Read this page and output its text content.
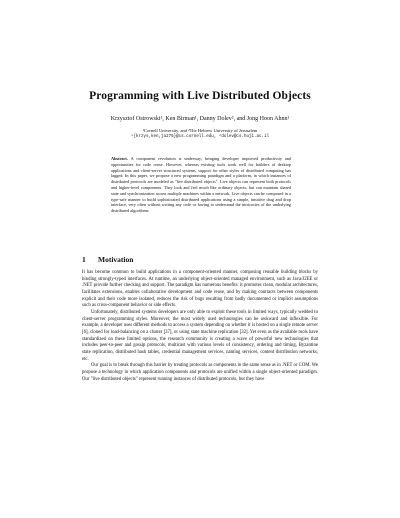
Programming with Live Distributed Objects
Krzysztof Ostrowski¹, Ken Birman¹, Danny Dolev², and Jong Hoon Ahnn¹
¹Cornell University, and ²The Hebrew University of Jerusalem
¹{krzys,ken,ja275}@cs.cornell.edu, ²dolev@cs.huji.ac.il
Abstract. A component revolution is underway, bringing developer improved productivity and opportunities for code reuse. However, whereas existing tools work well for builders of desktop applications and client-server structured systems, support for other styles of distributed computing has lagged. In this paper, we propose a new programming paradigm and a platform, in which instances of distributed protocols are modeled as "live distributed objects". Live objects can represent both protocols and higher-level components. They look and feel much like ordinary objects, but can maintain shared state and synchronization across multiple machines within a network. Live objects can be composed in a type-safe manner to build sophisticated distributed applications using a simple, intuitive drag and drop interface, very often without writing any code or having to understand the intricacies of the underlying distributed algorithms.
1 Motivation

It has become common to build applications in a component-oriented manner, composing reusable building blocks by binding strongly-typed interfaces. At runtime, an underlying object-oriented managed environment, such as Java/J2EE or .NET provide further checking and support. The paradigm has numerous benefits: it promotes clean, modular architectures, facilitates extensions, enables collaborative development and code reuse, and by making contracts between components explicit and their code more isolated, reduces the risk of bugs resulting from badly documented or implicit assumptions such as cross-component behavior or side effects.

Unfortunately, distributed systems developers are only able to exploit these tools in limited ways, typically wedded to client-server programming styles. Moreover, the most widely used technologies can be awkward and inflexible. For example, a developer uses different methods to access a system depending on whether it is hosted on a single remote server [6], cloned for load-balancing on a cluster [37], or using state machine replication [32]. Yet even as the available tools have standardized on these limited options, the research community is creating a wave of powerful new technologies that includes peer-to-peer and gossip protocols, multicast with various levels of consistency, ordering and timing, Byzantine state replication, distributed hash tables, credential management services, naming services, content distribution networks, etc.

Our goal is to break through this barrier by treating protocols as components in the same sense as in .NET or COM. We propose a technology in which application components and protocols are unified within a single object-oriented paradigm. Our "live distributed objects" represent running instances of distributed protocols, but they have
